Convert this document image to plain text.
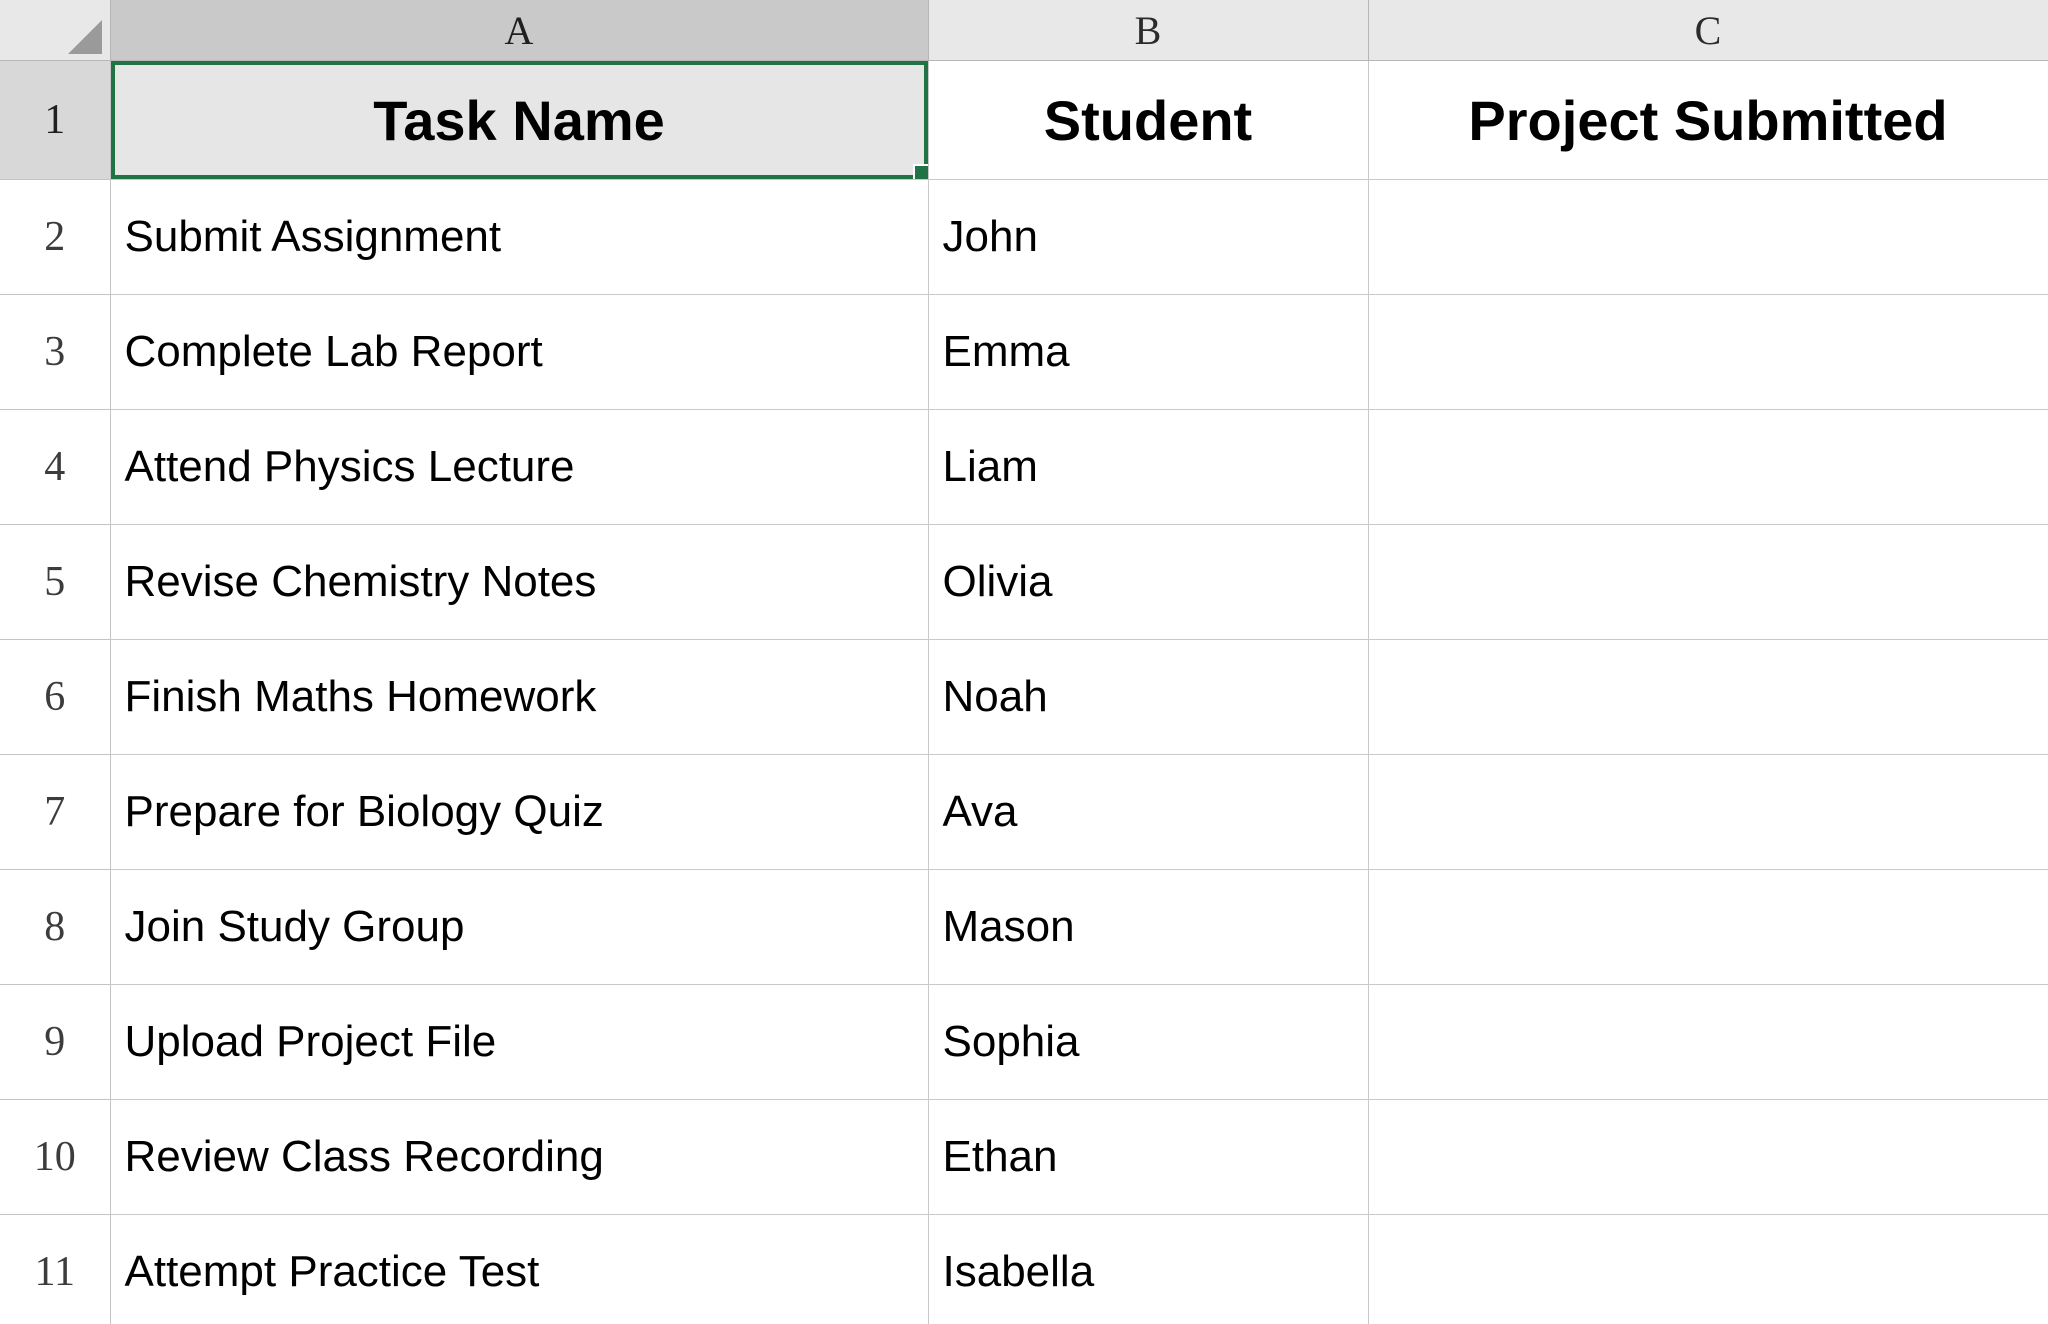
	A	B	C
1	Task Name	Student	Project Submitted
2	Submit Assignment	John	
3	Complete Lab Report	Emma	
4	Attend Physics Lecture	Liam	
5	Revise Chemistry Notes	Olivia	
6	Finish Maths Homework	Noah	
7	Prepare for Biology Quiz	Ava	
8	Join Study Group	Mason	
9	Upload Project File	Sophia	
10	Review Class Recording	Ethan	
11	Attempt Practice Test	Isabella	
